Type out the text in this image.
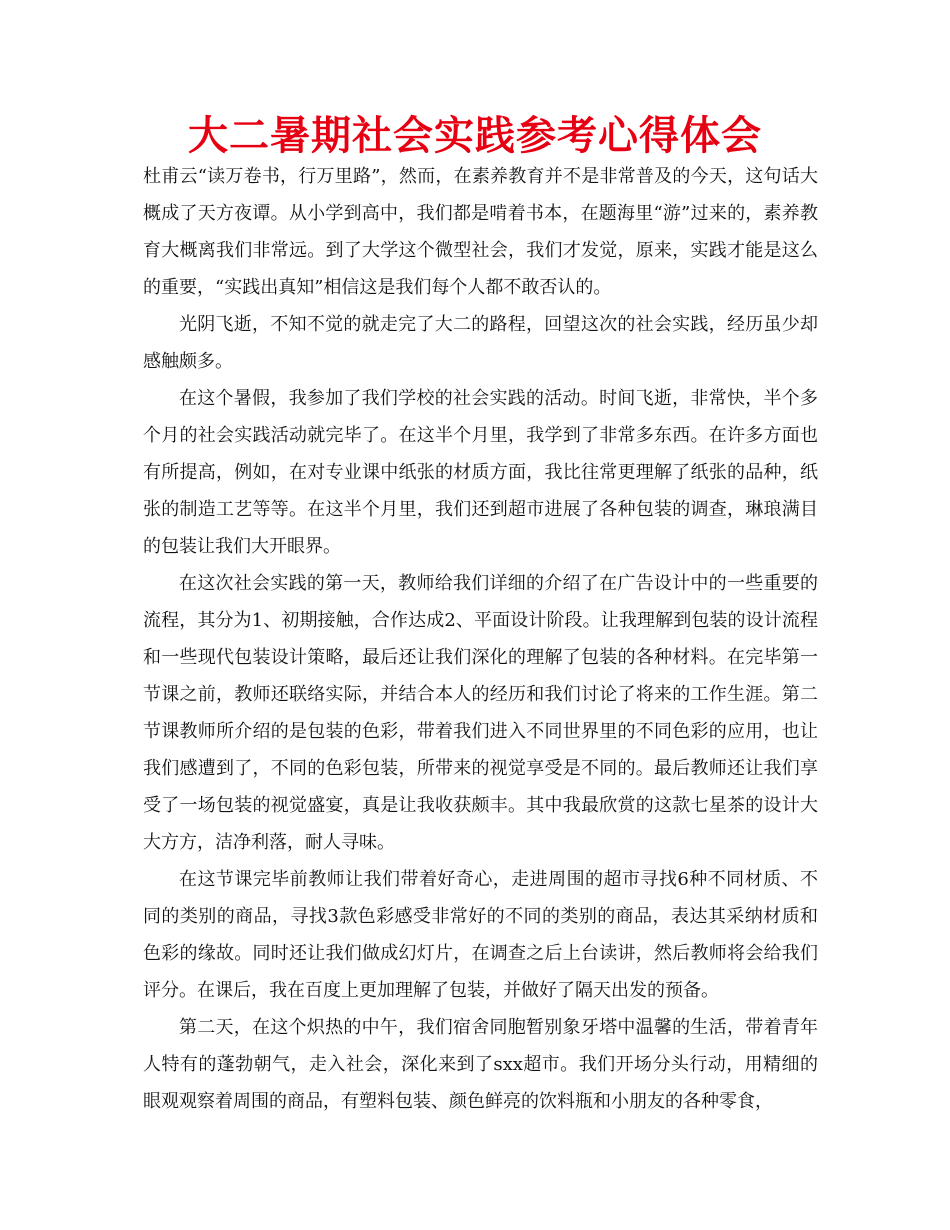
大二暑期社会实践参考心得体会

杜甫云“读万卷书，行万里路”，然而，在素养教育并不是非常普及的今天，这句话大概成了天方夜谭。从小学到高中，我们都是啃着书本，在题海里“游”过来的，素养教育大概离我们非常远。到了大学这个微型社会，我们才发觉，原来，实践才能是这么的重要，“实践出真知”相信这是我们每个人都不敢否认的。

光阴飞逝，不知不觉的就走完了大二的路程，回望这次的社会实践，经历虽少却感触颇多。

在这个暑假，我参加了我们学校的社会实践的活动。时间飞逝，非常快，半个多个月的社会实践活动就完毕了。在这半个月里，我学到了非常多东西。在许多方面也有所提高，例如，在对专业课中纸张的材质方面，我比往常更理解了纸张的品种，纸张的制造工艺等等。在这半个月里，我们还到超市进展了各种包装的调查，琳琅满目的包装让我们大开眼界。

在这次社会实践的第一天，教师给我们详细的介绍了在广告设计中的一些重要的流程，其分为1、初期接触，合作达成2、平面设计阶段。让我理解到包装的设计流程和一些现代包装设计策略，最后还让我们深化的理解了包装的各种材料。在完毕第一节课之前，教师还联络实际，并结合本人的经历和我们讨论了将来的工作生涯。第二节课教师所介绍的是包装的色彩，带着我们进入不同世界里的不同色彩的应用，也让我们感遭到了，不同的色彩包装，所带来的视觉享受是不同的。最后教师还让我们享受了一场包装的视觉盛宴，真是让我收获颇丰。其中我最欣赏的这款七星茶的设计大大方方，洁净利落，耐人寻味。

在这节课完毕前教师让我们带着好奇心，走进周围的超市寻找6种不同材质、不同的类别的商品，寻找3款色彩感受非常好的不同的类别的商品，表达其采纳材质和色彩的缘故。同时还让我们做成幻灯片，在调查之后上台读讲，然后教师将会给我们评分。在课后，我在百度上更加理解了包装，并做好了隔天出发的预备。

第二天，在这个炽热的中午，我们宿舍同胞暂别象牙塔中温馨的生活，带着青年人特有的蓬勃朝气，走入社会，深化来到了sxx超市。我们开场分头行动，用精细的眼观观察着周围的商品，有塑料包装、颜色鲜亮的饮料瓶和小朋友的各种零食，
